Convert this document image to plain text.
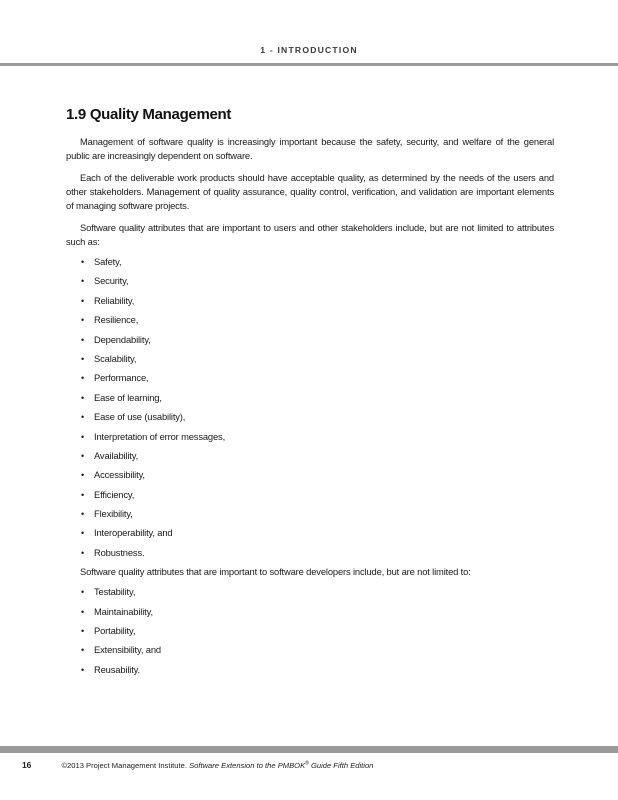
1 - INTRODUCTION
1.9 Quality Management

Management of software quality is increasingly important because the safety, security, and welfare of the general public are increasingly dependent on software.

Each of the deliverable work products should have acceptable quality, as determined by the needs of the users and other stakeholders. Management of quality assurance, quality control, verification, and validation are important elements of managing software projects.

Software quality attributes that are important to users and other stakeholders include, but are not limited to attributes such as:

• Safety,
• Security,
• Reliability,
• Resilience,
• Dependability,
• Scalability,
• Performance,
• Ease of learning,
• Ease of use (usability),
• Interpretation of error messages,
• Availability,
• Accessibility,
• Efficiency,
• Flexibility,
• Interoperability, and
• Robustness.

Software quality attributes that are important to software developers include, but are not limited to:

• Testability,
• Maintainability,
• Portability,
• Extensibility, and
• Reusability.
16	©2013 Project Management Institute. Software Extension to the PMBOK® Guide Fifth Edition
